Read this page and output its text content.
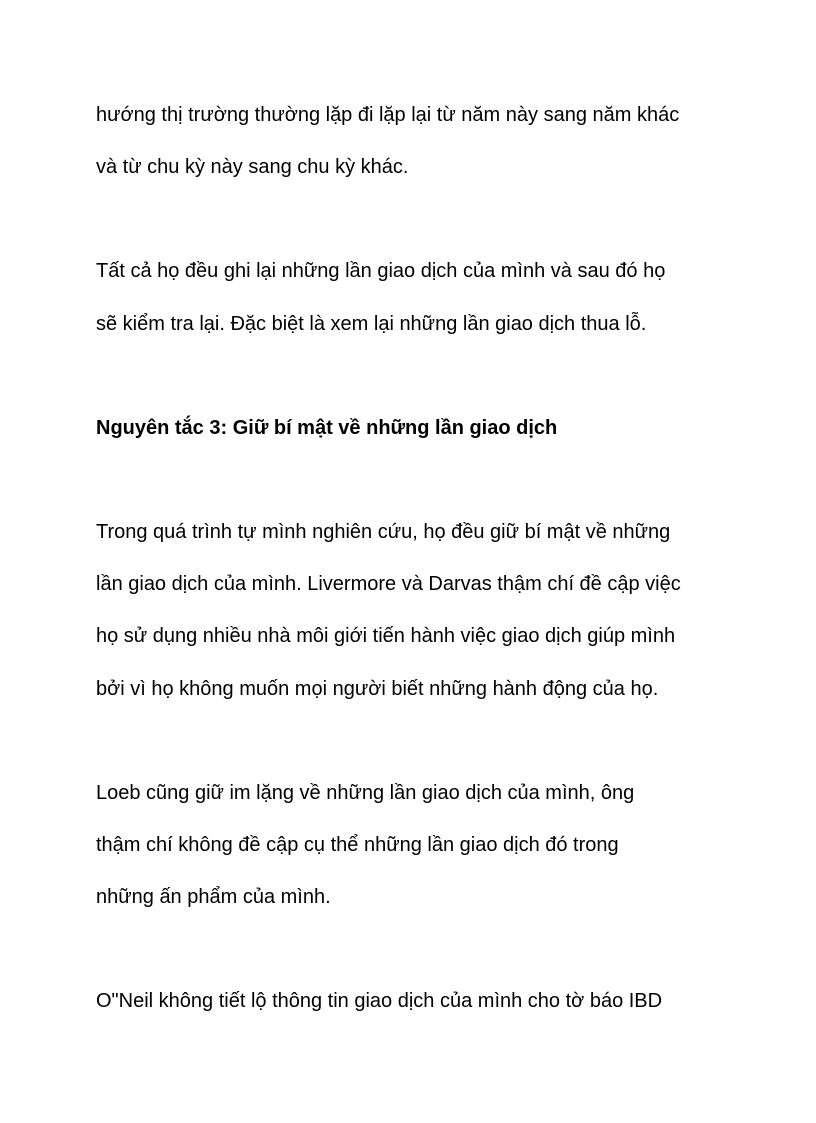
hướng thị trường thường lặp đi lặp lại từ năm này sang năm khác

và từ chu kỳ này sang chu kỳ khác.

Tất cả họ đều ghi lại những lần giao dịch của mình và sau đó họ

sẽ kiểm tra lại. Đặc biệt là xem lại những lần giao dịch thua lỗ.

Nguyên tắc 3: Giữ bí mật về những lần giao dịch

Trong quá trình tự mình nghiên cứu, họ đều giữ bí mật về những

lần giao dịch của mình. Livermore và Darvas thậm chí đề cập việc

họ sử dụng nhiều nhà môi giới tiến hành việc giao dịch giúp mình

bởi vì họ không muốn mọi người biết những hành động của họ.

Loeb cũng giữ im lặng về những lần giao dịch của mình, ông

thậm chí không đề cập cụ thể những lần giao dịch đó trong

những ấn phẩm của mình.

O"Neil không tiết lộ thông tin giao dịch của mình cho tờ báo IBD
